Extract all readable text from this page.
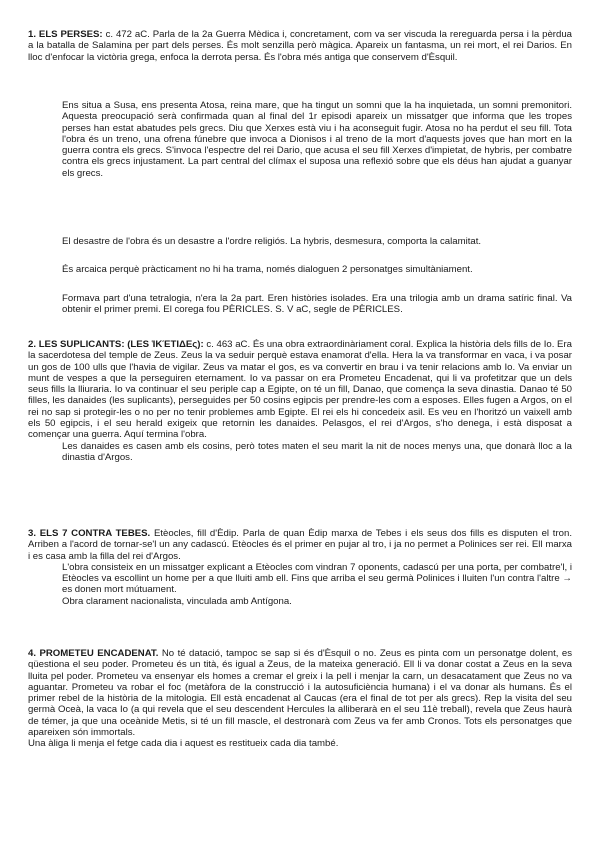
1. ELS PERSES: c. 472 aC. Parla de la 2a Guerra Mèdica i, concretament, com va ser viscuda la rereguarda persa i la pèrdua a la batalla de Salamina per part dels perses. És molt senzilla però màgica. Apareix un fantasma, un rei mort, el rei Darios. En lloc d'enfocar la victòria grega, enfoca la derrota persa. És l'obra més antiga que conservem d'Èsquil.

Ens situa a Susa, ens presenta Atosa, reina mare, que ha tingut un somni que la ha inquietada, un somni premonitori. Aquesta preocupació serà confirmada quan al final del 1r episodi apareix un missatger que informa que les tropes perses han estat abatudes pels grecs. Diu que Xerxes està viu i ha aconseguit fugir. Atosa no ha perdut el seu fill. Tota l'obra és un treno, una ofrena fúnebre que invoca a Dionisos i al treno de la mort d'aquests joves que han mort en la guerra contra els grecs. S'invoca l'espectre del rei Dario, que acusa el seu fill Xerxes d'impietat, de hybris, per combatre contra els grecs injustament. La part central del clímax el suposa una reflexió sobre que els déus han ajudat a guanyar els grecs.

El desastre de l'obra és un desastre a l'ordre religiós. La hybris, desmesura, comporta la calamitat.

És arcaica perquè pràcticament no hi ha trama, només dialoguen 2 personatges simultàniament.

Formava part d'una tetralogia, n'era la 2a part. Eren històries isolades. Era una trilogia amb un drama satíric final. Va obtenir el primer premi. El corega fou PÈRICLES. S. V aC, segle de PÈRICLES.

2. LES SUPLICANTS: (LES ἹΚΈΤΙΔΕς): c. 463 aC. És una obra extraordinàriament coral. Explica la història dels fills de Io. Era la sacerdotesa del temple de Zeus. Zeus la va seduir perquè estava enamorat d'ella. Hera la va transformar en vaca, i va posar un gos de 100 ulls que l'havia de vigilar. Zeus va matar el gos, es va convertir en brau i va tenir relacions amb Io. Va enviar un munt de vespes a que la perseguiren eternament. Io va passar on era Prometeu Encadenat, qui li va profetitzar que un dels seus fills la lliuraria. Io va continuar el seu periple cap a Egipte, on té un fill, Danao, que comença la seva dinastia. Danao té 50 filles, les danaides (les suplicants), perseguides per 50 cosins egipcis per prendre-les com a esposes. Elles fugen a Argos, on el rei no sap si protegir-les o no per no tenir problemes amb Egipte. El rei els hi concedeix asil. Es veu en l'horitzó un vaixell amb els 50 egipcis, i el seu herald exigeix que retornin les danaides. Pelasgos, el rei d'Argos, s'ho denega, i està disposat a començar una guerra. Aquí termina l'obra.

Les danaides es casen amb els cosins, però totes maten el seu marit la nit de noces menys una, que donarà lloc a la dinastia d'Argos.

3. ELS 7 CONTRA TEBES. Etèocles, fill d'Èdip. Parla de quan Èdip marxa de Tebes i els seus dos fills es disputen el tron. Arriben a l'acord de tornar-se'l un any cadascú. Etèocles és el primer en pujar al tro, i ja no permet a Polinices ser rei. Ell marxa i es casa amb la filla del rei d'Argos.

L'obra consisteix en un missatger explicant a Etèocles com vindran 7 oponents, cadascú per una porta, per combatre'l, i Etèocles va escollint un home per a que lluiti amb ell. Fins que arriba el seu germà Polinices i lluiten l'un contra l'altre → es donen mort mútuament.

Obra clarament nacionalista, vinculada amb Antígona.

4. PROMETEU ENCADENAT. No té datació, tampoc se sap si és d'Èsquil o no. Zeus es pinta com un personatge dolent, es qüestiona el seu poder. Prometeu és un tità, és igual a Zeus, de la mateixa generació. Ell li va donar costat a Zeus en la seva lluita pel poder. Prometeu va ensenyar els homes a cremar el greix i la pell i menjar la carn, un desacatament que Zeus no va aguantar. Prometeu va robar el foc (metàfora de la construcció i la autosuficiència humana) i el va donar als humans. És el primer rebel de la història de la mitologia. Ell està encadenat al Caucas (era el final de tot per als grecs). Rep la visita del seu germà Oceà, la vaca Io (a qui revela que el seu descendent Hercules la alliberarà en el seu 11è treball), revela que Zeus haurà de témer, ja que una oceànide Metis, si té un fill mascle, el destronarà com Zeus va fer amb Cronos. Tots els personatges que apareixen són immortals.

Una àliga li menja el fetge cada dia i aquest es restitueix cada dia també.
